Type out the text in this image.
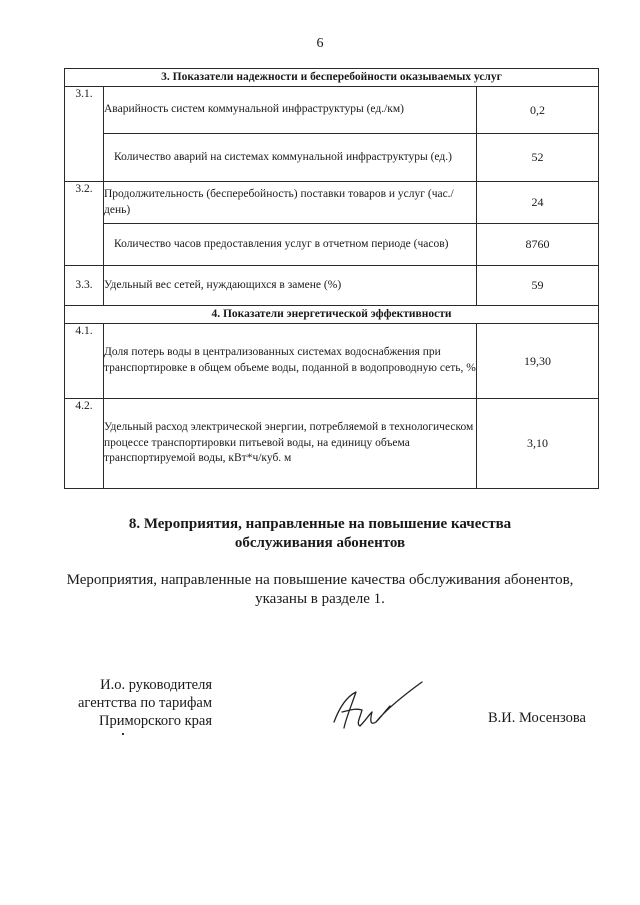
6
3. Показатели надежности и бесперебойности оказываемых услуг		
3.1.	Аварийность систем коммунальной инфраструктуры (ед./км)	0,2
	Количество аварий на системах коммунальной инфраструктуры (ед.)	52
3.2.	Продолжительность (бесперебойность) поставки товаров и услуг (час./день)	24
	Количество часов предоставления услуг в отчетном периоде (часов)	8760
3.3.	Удельный вес сетей, нуждающихся в замене (%)	59
4. Показатели энергетической эффективности		
4.1.	Доля потерь воды в централизованных системах водоснабжения при транспортировке в общем объеме воды, поданной в водопроводную сеть, %	19,30
4.2.	Удельный расход электрической энергии, потребляемой в технологическом процессе транспортировки питьевой воды, на единицу объема транспортируемой воды, кВт*ч/куб. м	3,10
8. Мероприятия, направленные на повышение качества
обслуживания абонентов
Мероприятия, направленные на повышение качества обслуживания абонентов,
указаны в разделе 1.
И.о. руководителя
агентства по тарифам
Приморского края	В.И. Мосензова
